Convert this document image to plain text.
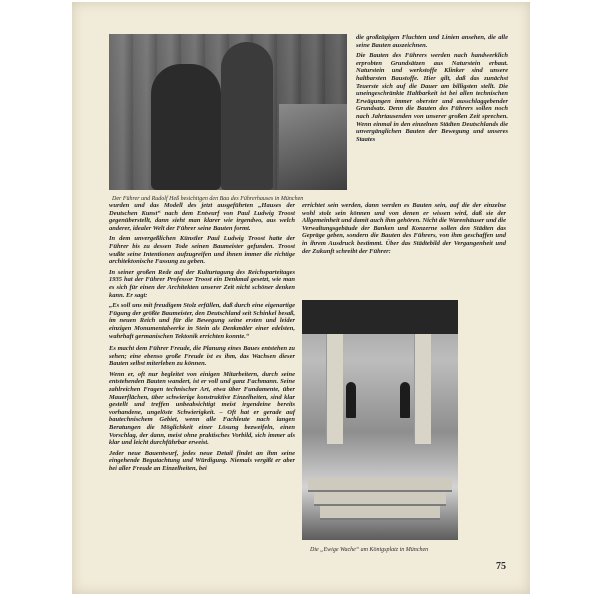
Der Führer und Rudolf Heß besichtigen den Bau des Führerhauses in München

die großzügigen Fluchten und Linien ansehen, die alle seine Bauten auszeichnen.

Die Bauten des Führers werden nach handwerklich erprobten Grundsätzen aus Naturstein erbaut. Naturstein und werkstoffe Klinker sind unsere haltbarsten Baustoffe. Hier gilt, daß das zunächst Teuerste sich auf die Dauer am billigsten stellt. Die uneingeschränkte Haltbarkeit ist bei allen technischen Erwägungen immer oberster und ausschlaggebender Grundsatz. Denn die Bauten des Führers sollen noch nach Jahrtausenden von unserer großen Zeit sprechen. Wenn einmal in den einzelnen Städten Deutschlands die unvergänglichen Bauten der Bewegung und unseres Staates

wurden und das Modell des jetzt ausgeführten „Hauses der Deutschen Kunst“ nach dem Entwurf von Paul Ludwig Troost gegenüberstellt, dann sieht man klarer wie irgendwo, aus welch anderer, idealer Welt der Führer seine Bauten formt.

In dem unvergeßlichen Künstler Paul Ludwig Troost hatte der Führer bis zu dessen Tode seinen Baumeister gefunden. Troost wußte seine Intentionen aufzugreifen und ihnen immer die richtige architektonische Fassung zu geben.

In seiner großen Rede auf der Kulturtagung des Reichsparteitages 1935 hat der Führer Professor Troost ein Denkmal gesetzt, wie man es sich für einen der Architekten unserer Zeit nicht schöner denken kann. Er sagt:

„Es soll uns mit freudigem Stolz erfüllen, daß durch eine eigenartige Fügung der größte Baumeister, den Deutschland seit Schinkel besaß, im neuen Reich und für die Bewegung seine ersten und leider einzigen Monumentalwerke in Stein als Denkmäler einer edelsten, wahrhaft germanischen Tektonik errichten konnte.“

Es macht dem Führer Freude, die Planung eines Baues entstehen zu sehen; eine ebenso große Freude ist es ihm, das Wachsen dieser Bauten selbst miterleben zu können.

Wenn er, oft nur begleitet von einigen Mitarbeitern, durch seine entstehenden Bauten wandert, ist er voll und ganz Fachmann. Seine zahlreichen Fragen technischer Art, etwa über Fundamente, über Mauerflächen, über schwierige konstruktive Einzelheiten, sind klar gestellt und treffen unbeabsichtigt meist irgendeine bereits vorhandene, ungelöste Schwierigkeit. – Oft hat er gerade auf bautechnischem Gebiet, wenn alle Fachleute nach langen Beratungen die Möglichkeit einer Lösung bezweifeln, einen Vorschlag, der dann, meist ohne praktisches Vorbild, sich immer als klar und leicht durchführbar erweist.

Jeder neue Bauentwurf, jedes neue Detail findet an ihm seine eingehende Begutachtung und Würdigung. Niemals vergißt er aber bei aller Freude an Einzelheiten, bei

errichtet sein werden, dann werden es Bauten sein, auf die der einzelne wohl stolz sein können und von denen er wissen wird, daß sie der Allgemeinheit und damit auch ihm gehören. Nicht die Warenhäuser und die Verwaltungsgebäude der Banken und Konzerne sollen den Städten das Gepräge geben, sondern die Bauten des Führers, von ihm geschaffen und in ihrem Ausdruck bestimmt. Über das Städtebild der Vergangenheit und der Zukunft schreibt der Führer:

Die „Ewige Wache“ am Königsplatz in München
75
